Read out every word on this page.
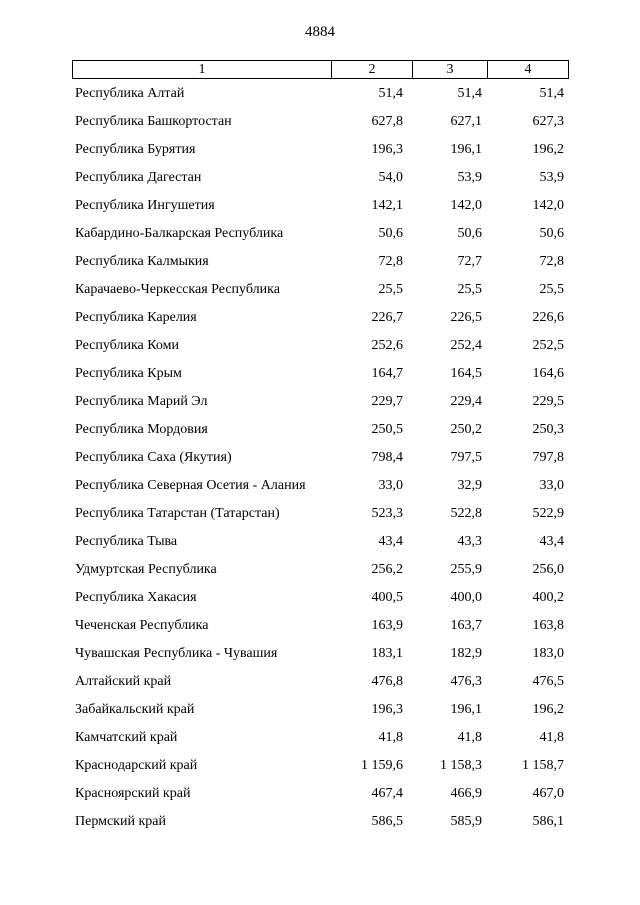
4884
1	2	3	4
Республика Алтай	51,4	51,4	51,4
Республика Башкортостан	627,8	627,1	627,3
Республика Бурятия	196,3	196,1	196,2
Республика Дагестан	54,0	53,9	53,9
Республика Ингушетия	142,1	142,0	142,0
Кабардино-Балкарская Республика	50,6	50,6	50,6
Республика Калмыкия	72,8	72,7	72,8
Карачаево-Черкесская Республика	25,5	25,5	25,5
Республика Карелия	226,7	226,5	226,6
Республика Коми	252,6	252,4	252,5
Республика Крым	164,7	164,5	164,6
Республика Марий Эл	229,7	229,4	229,5
Республика Мордовия	250,5	250,2	250,3
Республика Саха (Якутия)	798,4	797,5	797,8
Республика Северная Осетия - Алания	33,0	32,9	33,0
Республика Татарстан (Татарстан)	523,3	522,8	522,9
Республика Тыва	43,4	43,3	43,4
Удмуртская Республика	256,2	255,9	256,0
Республика Хакасия	400,5	400,0	400,2
Чеченская Республика	163,9	163,7	163,8
Чувашская Республика - Чувашия	183,1	182,9	183,0
Алтайский край	476,8	476,3	476,5
Забайкальский край	196,3	196,1	196,2
Камчатский край	41,8	41,8	41,8
Краснодарский край	1 159,6	1 158,3	1 158,7
Красноярский край	467,4	466,9	467,0
Пермский край	586,5	585,9	586,1
